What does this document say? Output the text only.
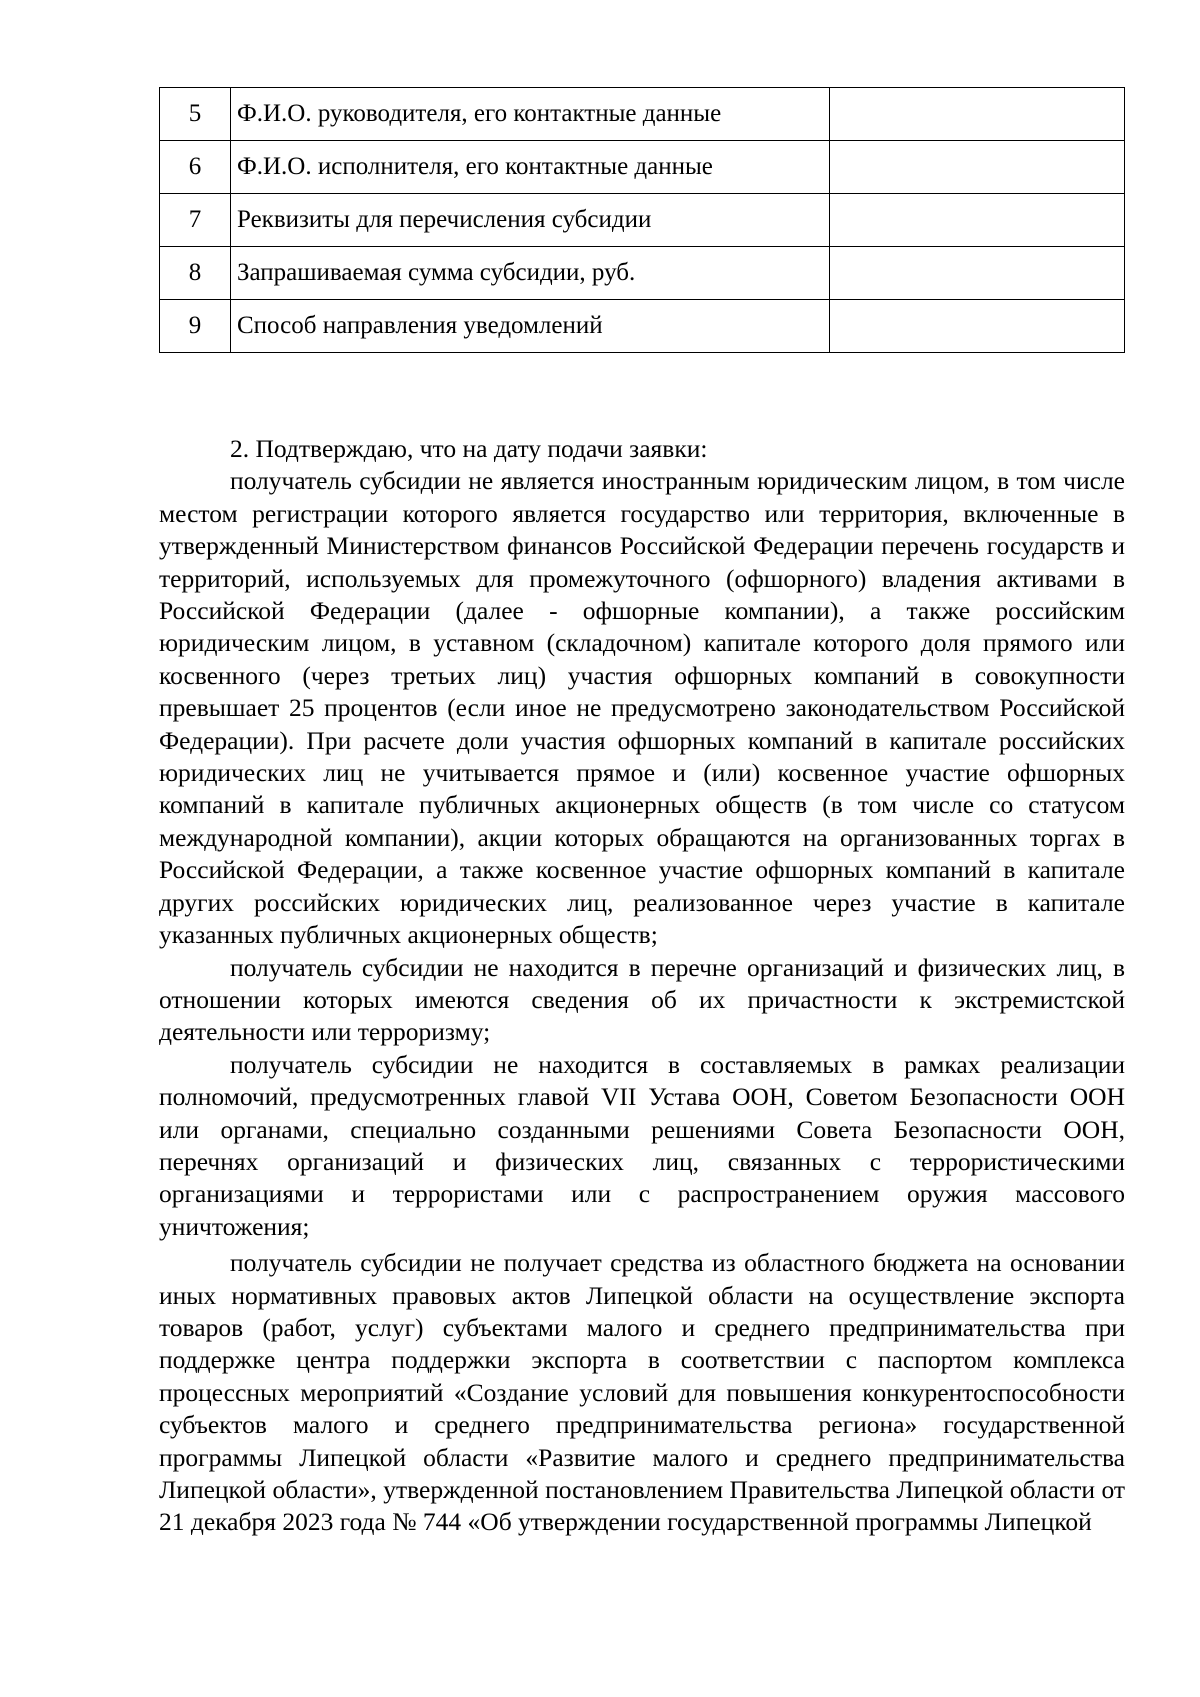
5	Ф.И.О. руководителя, его контактные данные	
6	Ф.И.О. исполнителя, его контактные данные	
7	Реквизиты для перечисления субсидии	
8	Запрашиваемая сумма субсидии, руб.	
9	Способ направления уведомлений	

2. Подтверждаю, что на дату подачи заявки:

получатель субсидии не является иностранным юридическим лицом, в том числе местом регистрации которого является государство или территория, включенные в утвержденный Министерством финансов Российской Федерации перечень государств и территорий, используемых для промежуточного (офшорного) владения активами в Российской Федерации (далее - офшорные компании), а также российским юридическим лицом, в уставном (складочном) капитале которого доля прямого или косвенного (через третьих лиц) участия офшорных компаний в совокупности превышает 25 процентов (если иное не предусмотрено законодательством Российской Федерации). При расчете доли участия офшорных компаний в капитале российских юридических лиц не учитывается прямое и (или) косвенное участие офшорных компаний в капитале публичных акционерных обществ (в том числе со статусом международной компании), акции которых обращаются на организованных торгах в Российской Федерации, а также косвенное участие офшорных компаний в капитале других российских юридических лиц, реализованное через участие в капитале указанных публичных акционерных обществ;

получатель субсидии не находится в перечне организаций и физических лиц, в отношении которых имеются сведения об их причастности к экстремистской деятельности или терроризму;

получатель субсидии не находится в составляемых в рамках реализации полномочий, предусмотренных главой VII Устава ООН, Советом Безопасности ООН или органами, специально созданными решениями Совета Безопасности ООН, перечнях организаций и физических лиц, связанных с террористическими организациями и террористами или с распространением оружия массового уничтожения;

получатель субсидии не получает средства из областного бюджета на основании иных нормативных правовых актов Липецкой области на осуществление экспорта товаров (работ, услуг) субъектами малого и среднего предпринимательства при поддержке центра поддержки экспорта в соответствии с паспортом комплекса процессных мероприятий «Создание условий для повышения конкурентоспособности субъектов малого и среднего предпринимательства региона» государственной программы Липецкой области «Развитие малого и среднего предпринимательства Липецкой области», утвержденной постановлением Правительства Липецкой области от 21 декабря 2023 года № 744 «Об утверждении государственной программы Липецкой
